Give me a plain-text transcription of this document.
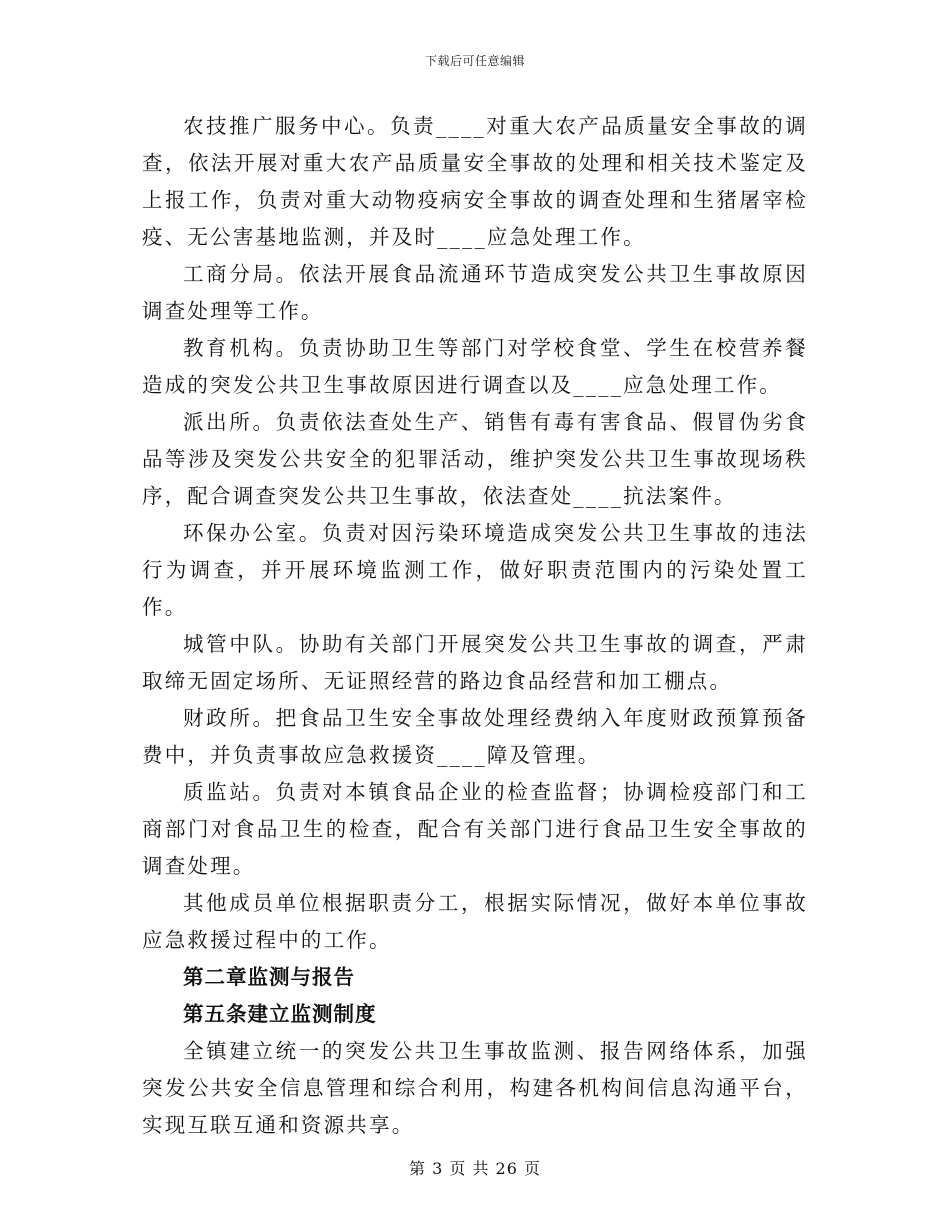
下载后可任意编辑

农技推广服务中心。负责____对重大农产品质量安全事故的调查，依法开展对重大农产品质量安全事故的处理和相关技术鉴定及上报工作，负责对重大动物疫病安全事故的调查处理和生猪屠宰检疫、无公害基地监测，并及时____应急处理工作。

工商分局。依法开展食品流通环节造成突发公共卫生事故原因调查处理等工作。

教育机构。负责协助卫生等部门对学校食堂、学生在校营养餐造成的突发公共卫生事故原因进行调查以及____应急处理工作。

派出所。负责依法查处生产、销售有毒有害食品、假冒伪劣食品等涉及突发公共安全的犯罪活动，维护突发公共卫生事故现场秩序，配合调查突发公共卫生事故，依法查处____抗法案件。

环保办公室。负责对因污染环境造成突发公共卫生事故的违法行为调查，并开展环境监测工作，做好职责范围内的污染处置工作。

城管中队。协助有关部门开展突发公共卫生事故的调查，严肃取缔无固定场所、无证照经营的路边食品经营和加工棚点。

财政所。把食品卫生安全事故处理经费纳入年度财政预算预备费中，并负责事故应急救援资____障及管理。

质监站。负责对本镇食品企业的检查监督；协调检疫部门和工商部门对食品卫生的检查，配合有关部门进行食品卫生安全事故的调查处理。

其他成员单位根据职责分工，根据实际情况，做好本单位事故应急救援过程中的工作。

第二章监测与报告

第五条建立监测制度

全镇建立统一的突发公共卫生事故监测、报告网络体系，加强突发公共安全信息管理和综合利用，构建各机构间信息沟通平台，实现互联互通和资源共享。

第 3 页 共 26 页
